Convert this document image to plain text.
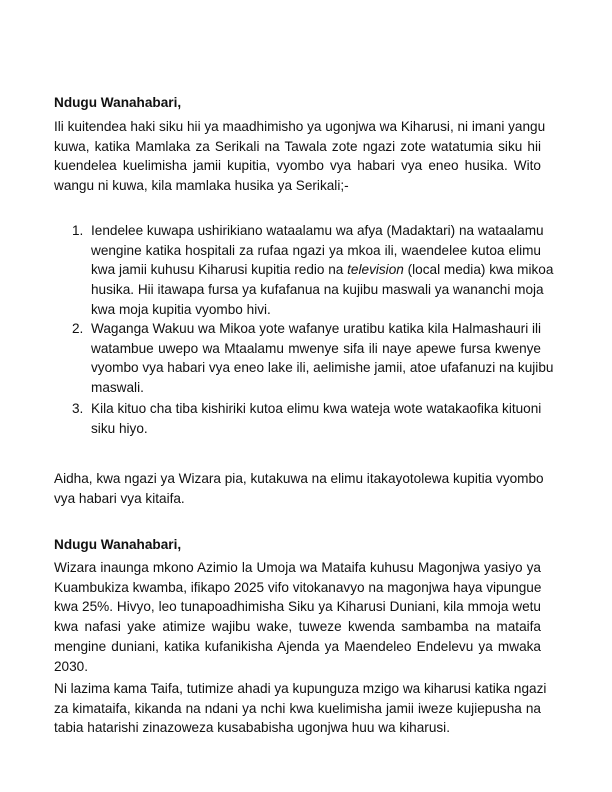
Ndugu Wanahabari,
Ili kuitendea haki siku hii ya maadhimisho ya ugonjwa wa Kiharusi, ni imani yangu
kuwa, katika Mamlaka za Serikali na Tawala zote ngazi zote watatumia siku hii
kuendelea kuelimisha jamii kupitia, vyombo vya habari vya eneo husika. Wito
wangu ni kuwa, kila mamlaka husika ya Serikali;-
1. Iendelee kuwapa ushirikiano wataalamu wa afya (Madaktari) na wataalamu
wengine katika hospitali za rufaa ngazi ya mkoa ili, waendelee kutoa elimu
kwa jamii kuhusu Kiharusi kupitia redio na television (local media) kwa mikoa
husika. Hii itawapa fursa ya kufafanua na kujibu maswali ya wananchi moja
kwa moja kupitia vyombo hivi.
2. Waganga Wakuu wa Mikoa yote wafanye uratibu katika kila Halmashauri ili
watambue uwepo wa Mtaalamu mwenye sifa ili naye apewe fursa kwenye
vyombo vya habari vya eneo lake ili, aelimishe jamii, atoe ufafanuzi na kujibu
maswali.
3. Kila kituo cha tiba kishiriki kutoa elimu kwa wateja wote watakaofika kituoni
siku hiyo.
Aidha, kwa ngazi ya Wizara pia, kutakuwa na elimu itakayotolewa kupitia vyombo
vya habari vya kitaifa.
Ndugu Wanahabari,
Wizara inaunga mkono Azimio la Umoja wa Mataifa kuhusu Magonjwa yasiyo ya
Kuambukiza kwamba, ifikapo 2025 vifo vitokanavyo na magonjwa haya vipungue
kwa 25%. Hivyo, leo tunapoadhimisha Siku ya Kiharusi Duniani, kila mmoja wetu
kwa nafasi yake atimize wajibu wake, tuweze kwenda sambamba na mataifa
mengine duniani, katika kufanikisha Ajenda ya Maendeleo Endelevu ya mwaka
2030.
Ni lazima kama Taifa, tutimize ahadi ya kupunguza mzigo wa kiharusi katika ngazi
za kimataifa, kikanda na ndani ya nchi kwa kuelimisha jamii iweze kujiepusha na
tabia hatarishi zinazoweza kusababisha ugonjwa huu wa kiharusi.
